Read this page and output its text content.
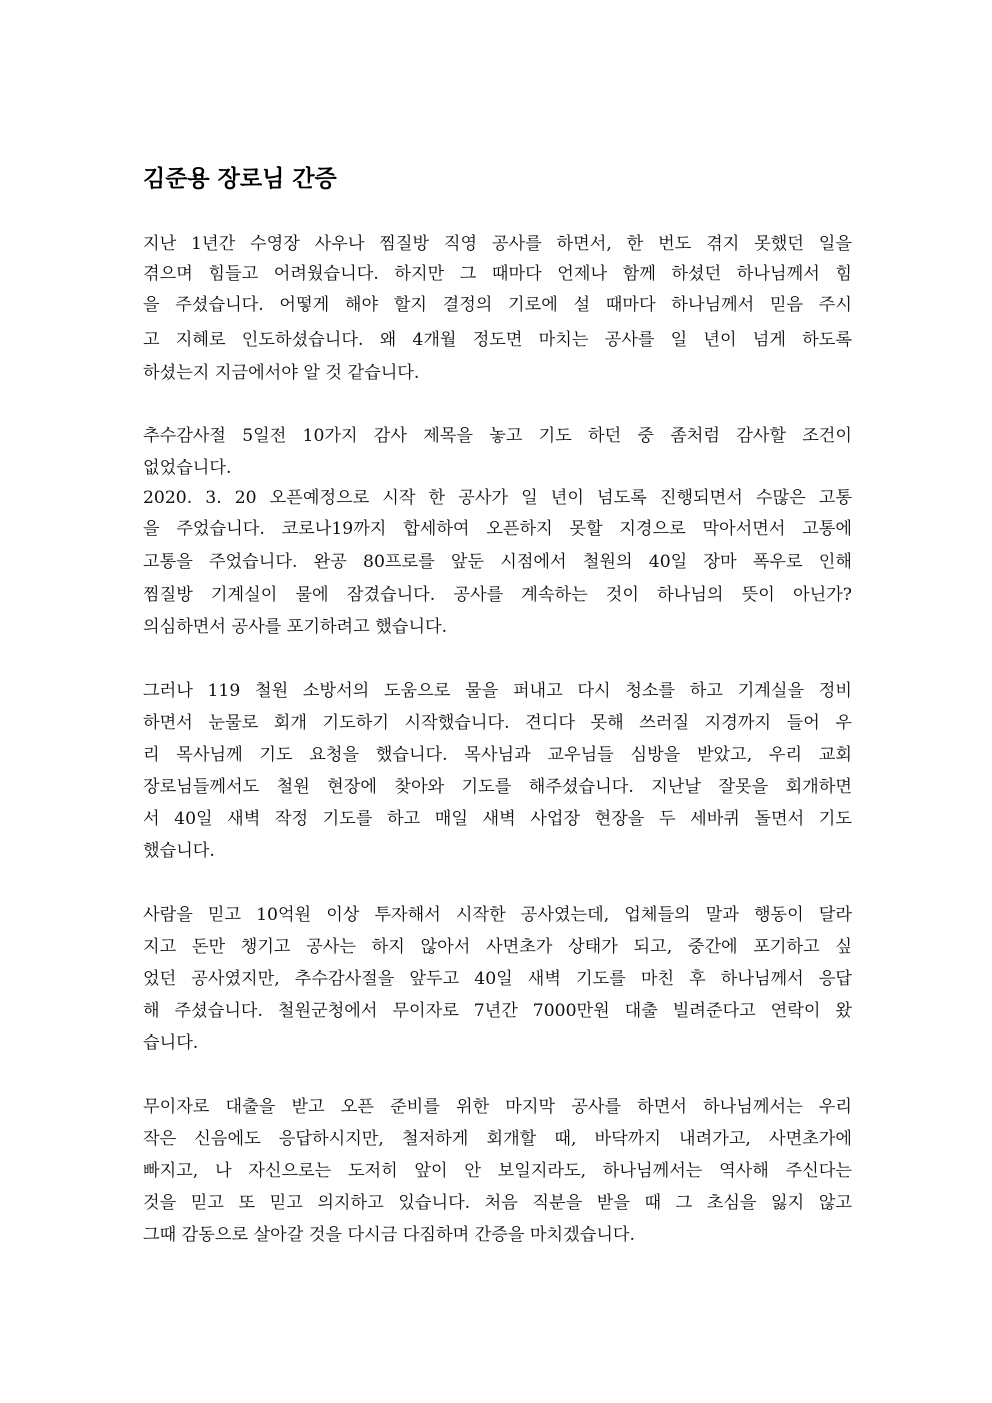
김준용 장로님 간증

지난 1년간 수영장 사우나 찜질방 직영 공사를 하면서, 한 번도 겪지 못했던 일을

겪으며 힘들고 어려웠습니다. 하지만 그 때마다 언제나 함께 하셨던 하나님께서 힘

을 주셨습니다. 어떻게 해야 할지 결정의 기로에 설 때마다 하나님께서 믿음 주시

고 지혜로 인도하셨습니다. 왜 4개월 정도면 마치는 공사를 일 년이 넘게 하도록

하셨는지 지금에서야 알 것 같습니다.

추수감사절 5일전 10가지 감사 제목을 놓고 기도 하던 중 좀처럼 감사할 조건이

없었습니다.

2020. 3. 20 오픈예정으로 시작 한 공사가 일 년이 넘도록 진행되면서 수많은 고통

을 주었습니다. 코로나19까지 합세하여 오픈하지 못할 지경으로 막아서면서 고통에

고통을 주었습니다. 완공 80프로를 앞둔 시점에서 철원의 40일 장마 폭우로 인해

찜질방 기계실이 물에 잠겼습니다. 공사를 계속하는 것이 하나님의 뜻이 아닌가?

의심하면서 공사를 포기하려고 했습니다.

그러나 119 철원 소방서의 도움으로 물을 퍼내고 다시 청소를 하고 기계실을 정비

하면서 눈물로 회개 기도하기 시작했습니다. 견디다 못해 쓰러질 지경까지 들어 우

리 목사님께 기도 요청을 했습니다. 목사님과 교우님들 심방을 받았고, 우리 교회

장로님들께서도 철원 현장에 찾아와 기도를 해주셨습니다. 지난날 잘못을 회개하면

서 40일 새벽 작정 기도를 하고 매일 새벽 사업장 현장을 두 세바퀴 돌면서 기도

했습니다.

사람을 믿고 10억원 이상 투자해서 시작한 공사였는데, 업체들의 말과 행동이 달라

지고 돈만 챙기고 공사는 하지 않아서 사면초가 상태가 되고, 중간에 포기하고 싶

었던 공사였지만, 추수감사절을 앞두고 40일 새벽 기도를 마친 후 하나님께서 응답

해 주셨습니다. 철원군청에서 무이자로 7년간 7000만원 대출 빌려준다고 연락이 왔

습니다.

무이자로 대출을 받고 오픈 준비를 위한 마지막 공사를 하면서 하나님께서는 우리

작은 신음에도 응답하시지만, 철저하게 회개할 때, 바닥까지 내려가고, 사면초가에

빠지고, 나 자신으로는 도저히 앞이 안 보일지라도, 하나님께서는 역사해 주신다는

것을 믿고 또 믿고 의지하고 있습니다. 처음 직분을 받을 때 그 초심을 잃지 않고

그때 감동으로 살아갈 것을 다시금 다짐하며 간증을 마치겠습니다.
